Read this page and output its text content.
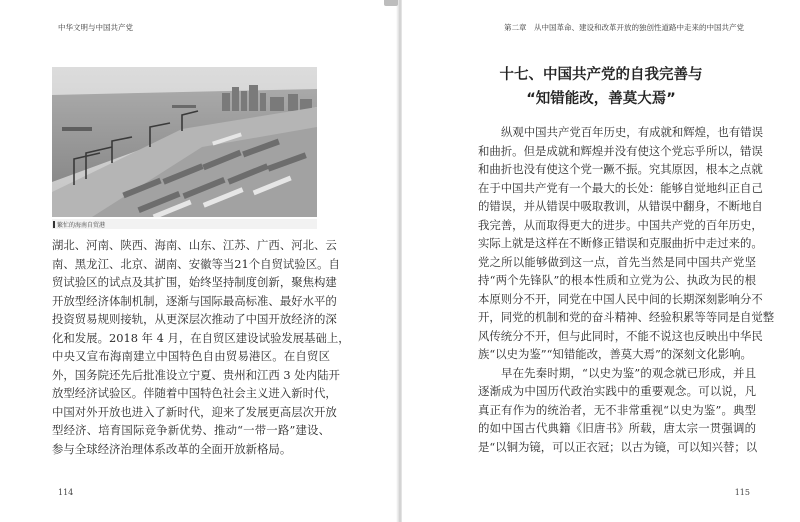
中华文明与中国共产党
繁忙的海南自贸港
湖北、河南、陕西、海南、山东、江苏、广西、河北、云
南、黑龙江、北京、湖南、安徽等当21个自贸试验区。自
贸试验区的试点及其扩围，始终坚持制度创新，聚焦构建
开放型经济体制机制，逐渐与国际最高标准、最好水平的
投资贸易规则接轨，从更深层次推动了中国开放经济的深
化和发展。2018 年 4 月，在自贸区建设试验发展基础上，
中央又宣布海南建立中国特色自由贸易港区。在自贸区
外，国务院还先后批准设立宁夏、贵州和江西 3 处内陆开
放型经济试验区。伴随着中国特色社会主义进入新时代，
中国对外开放也进入了新时代，迎来了发展更高层次开放
型经济、培育国际竞争新优势、推动“一带一路”建设、
参与全球经济治理体系改革的全面开放新格局。
114
第二章　从中国革命、建设和改革开放的独创性道路中走来的中国共产党
十七、中国共产党的自我完善与
“知错能改，善莫大焉”
纵观中国共产党百年历史，有成就和辉煌，也有错误
和曲折。但是成就和辉煌并没有使这个党忘乎所以，错误
和曲折也没有使这个党一蹶不振。究其原因，根本之点就
在于中国共产党有一个最大的长处：能够自觉地纠正自己
的错误，并从错误中吸取教训，从错误中翻身，不断地自
我完善，从而取得更大的进步。中国共产党的百年历史，
实际上就是这样在不断修正错误和克服曲折中走过来的。
党之所以能够做到这一点，首先当然是同中国共产党坚
持“两个先锋队”的根本性质和立党为公、执政为民的根
本原则分不开，同党在中国人民中间的长期深刻影响分不
开，同党的机制和党的奋斗精神、经验积累等等同是自觉整
风传统分不开，但与此同时，不能不说这也反映出中华民
族“以史为鉴”“知错能改，善莫大焉”的深刻文化影响。
早在先秦时期，“以史为鉴”的观念就已形成，并且
逐渐成为中国历代政治实践中的重要观念。可以说，凡
真正有作为的统治者，无不非常重视“以史为鉴”。典型
的如中国古代典籍《旧唐书》所载，唐太宗一贯强调的
是“以铜为镜，可以正衣冠；以古为镜，可以知兴替；以
115
